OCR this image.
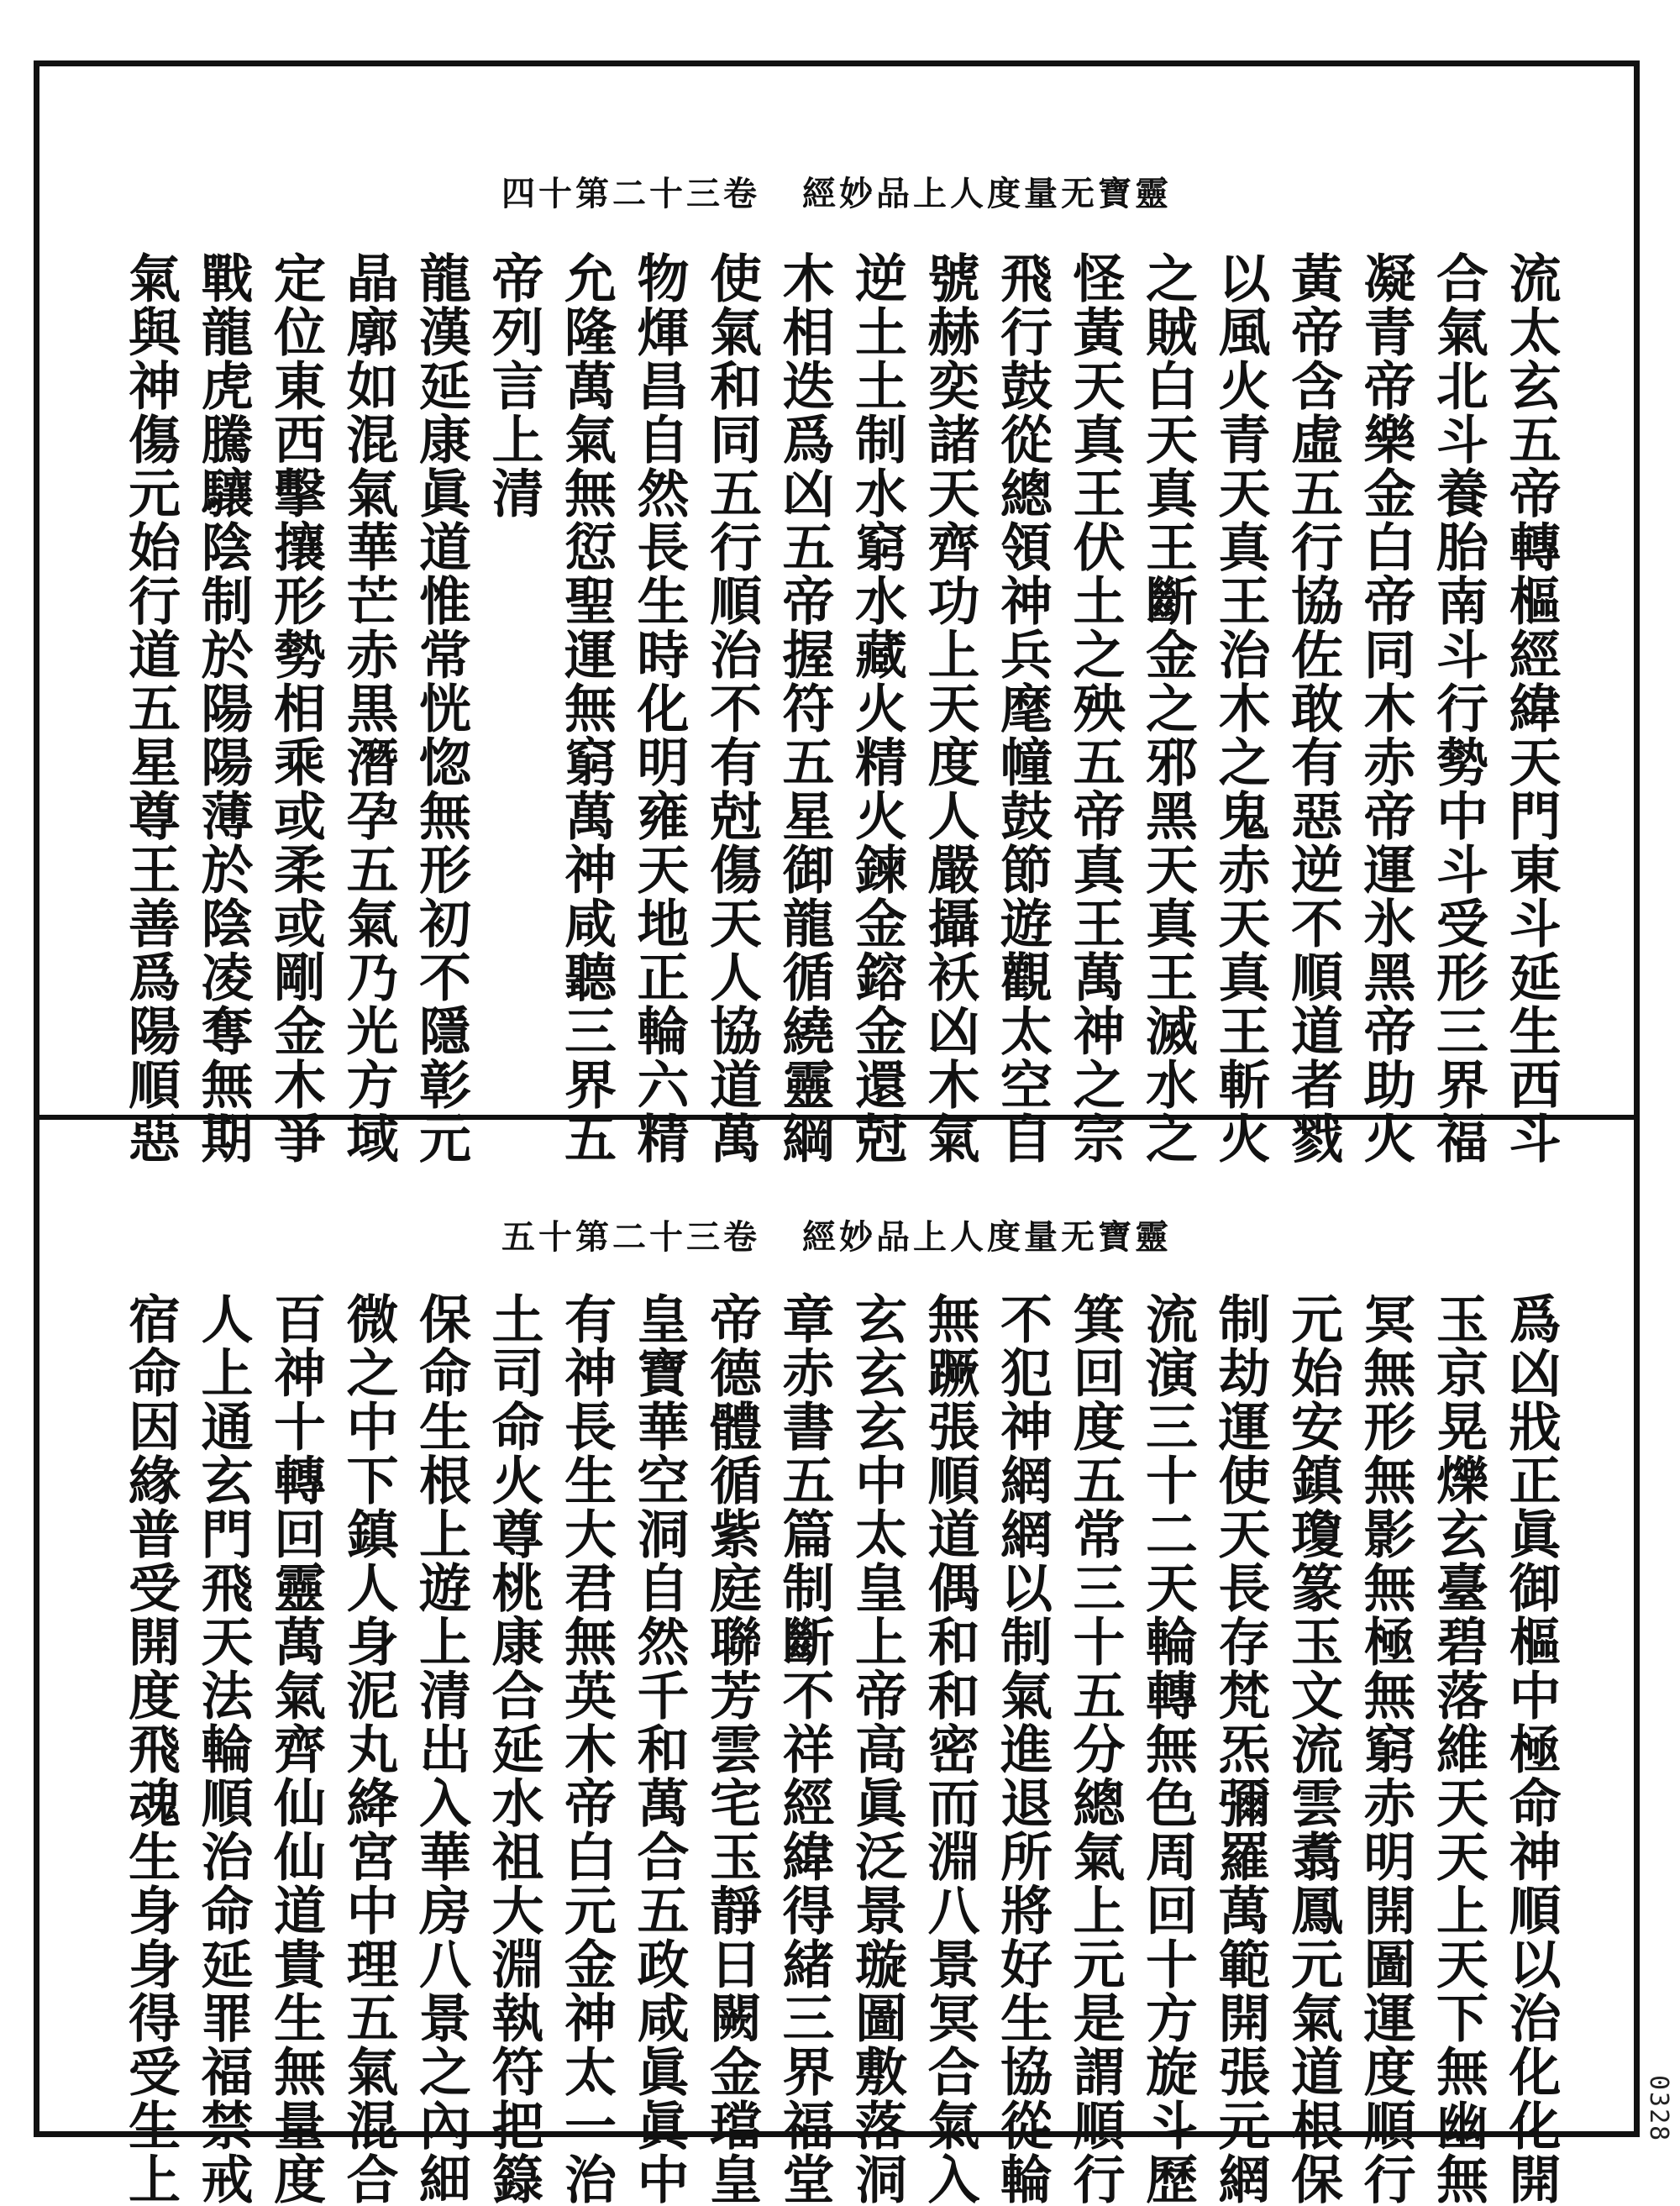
靈寶无量度人上品妙經卷三十二第十四
流太玄五帝轉樞經緯天門東斗延生西斗
合氣北斗養胎南斗行勢中斗受形三界福
凝青帝樂金白帝同木赤帝運氷黑帝助火
黃帝含虛五行協佐敢有惡逆不順道者戮
以風火青天真王治木之鬼赤天真王斬火
之賊白天真王斷金之邪黑天真王滅水之
怪黃天真王伏土之殃五帝真王萬神之宗
飛行鼓從總領神兵麾幢鼓節遊觀太空自
號赫奕諸天齊功上天度人嚴攝袄凶木氣
逆土土制水窮水藏火精火鍊金鎔金還尅
木相迭爲凶五帝握符五星御龍循繞靈綱
使氣和同五行順治不有尅傷天人協道萬
物煇昌自然長生時化明雍天地正輪六精
允隆萬氣無愆聖運無窮萬神咸聽三界五
帝列言上清
龍漢延康眞道惟常恍惚無形初不隱彰元
晶廓如混氣華芒赤黒潛孕五氣乃光方域
定位東西擊攘形勢相乘或柔或剛金木爭
戰龍虎騰驤陰制於陽陽薄於陰凌奪無期
氣與神傷元始行道五星尊王善爲陽順惡
靈寶无量度人上品妙經卷三十二第十五
爲凶戕正眞御樞中極命神順以治化化開
玉京晃爍玄臺碧落維天天上天下無幽無
冥無形無影無極無窮赤明開圖運度順行
元始安鎮瓊篆玉文流雲翥鳳元氣道根保
制劫運使天長存梵炁彌羅萬範開張元網
流演三十二天輪轉無色周回十方旋斗歷
箕回度五常三十五分總氣上元是謂順行
不犯神網網以制氣進退所將好生協從輪
無蹶張順道偶和和密而淵八景冥合氣入
玄玄玄中太皇上帝高眞泛景璇圖敷落洞
章赤書五篇制斷不祥經緯得緒三界福堂
帝德體循紫庭聯芳雲宅玉靜日闕金璫皇
皇寶華空洞自然千和萬合五政咸眞眞中
有神長生大君無英木帝白元金神太一治
土司命火尊桃康合延水祖大淵執符把籙
保命生根上遊上清出入華房八景之內細
微之中下鎮人身泥丸絳宮中理五氣混合
百神十轉回靈萬氣齊仙仙道貴生無量度
人上通玄門飛天法輪順治命延罪福禁戒
宿命因緣普受開度飛魂生身身得受生上	0328
